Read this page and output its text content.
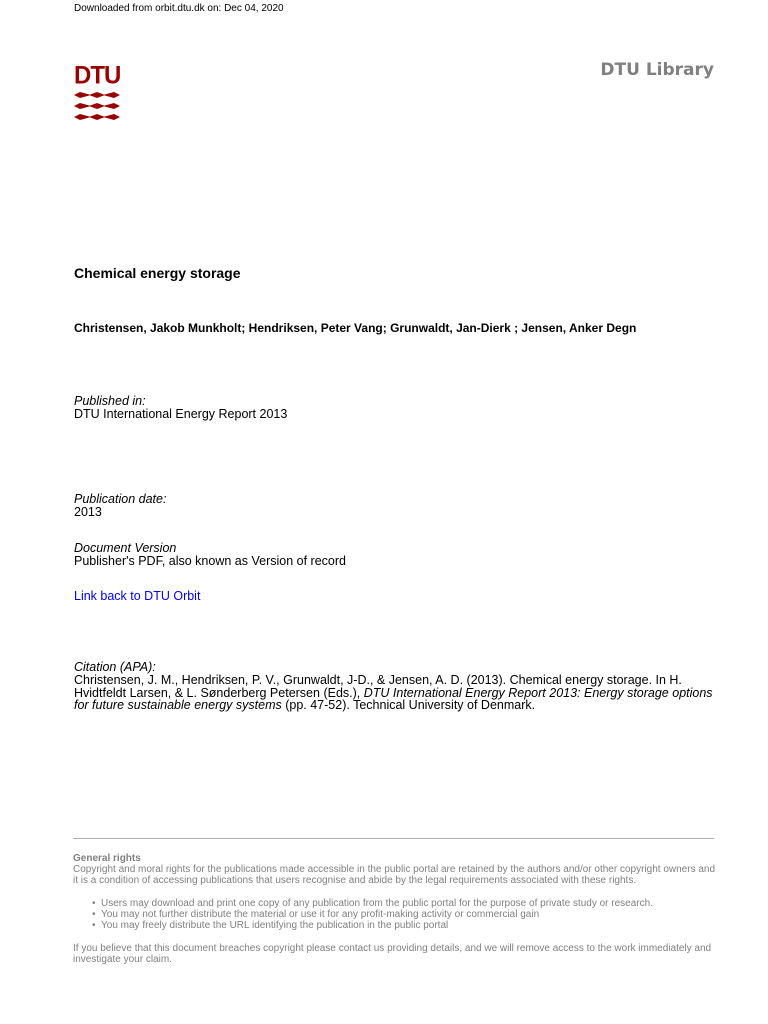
Downloaded from orbit.dtu.dk on: Dec 04, 2020
DTU	DTU Library
Chemical energy storage
Christensen, Jakob Munkholt; Hendriksen, Peter Vang; Grunwaldt, Jan-Dierk ; Jensen, Anker Degn
Published in:
DTU International Energy Report 2013
Publication date:
2013
Document Version
Publisher's PDF, also known as Version of record
Link back to DTU Orbit
Citation (APA):

Christensen, J. M., Hendriksen, P. V., Grunwaldt, J-D., & Jensen, A. D. (2013). Chemical energy storage. In H. Hvidtfeldt Larsen, & L. Sønderberg Petersen (Eds.), DTU International Energy Report 2013: Energy storage options for future sustainable energy systems (pp. 47-52). Technical University of Denmark.

General rights
Copyright and moral rights for the publications made accessible in the public portal are retained by the authors and/or other copyright owners and it is a condition of accessing publications that users recognise and abide by the legal requirements associated with these rights.
• Users may download and print one copy of any publication from the public portal for the purpose of private study or research.
• You may not further distribute the material or use it for any profit-making activity or commercial gain
• You may freely distribute the URL identifying the publication in the public portal
If you believe that this document breaches copyright please contact us providing details, and we will remove access to the work immediately and investigate your claim.
